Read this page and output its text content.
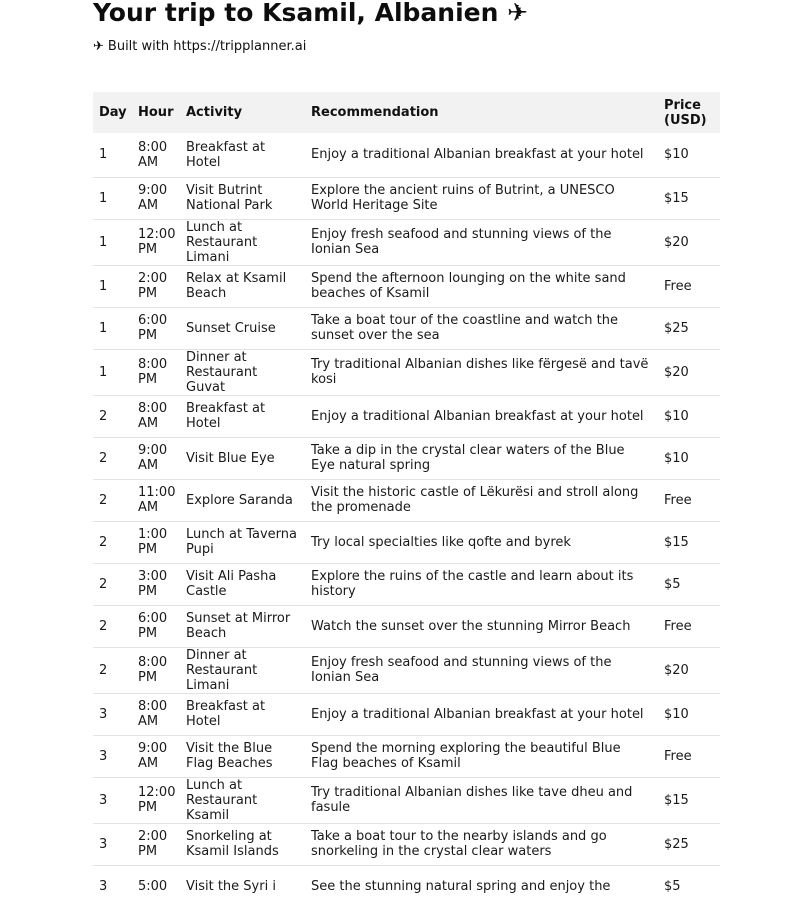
Your trip to Ksamil, Albanien ✈
✈ Built with https://tripplanner.ai
Day	Hour	Activity	Recommendation	Price (USD)
1	8:00 AM	Breakfast at Hotel	Enjoy a traditional Albanian breakfast at your hotel	$10
1	9:00 AM	Visit Butrint National Park	Explore the ancient ruins of Butrint, a UNESCO World Heritage Site	$15
1	12:00 PM	Lunch at Restaurant Limani	Enjoy fresh seafood and stunning views of the Ionian Sea	$20
1	2:00 PM	Relax at Ksamil Beach	Spend the afternoon lounging on the white sand beaches of Ksamil	Free
1	6:00 PM	Sunset Cruise	Take a boat tour of the coastline and watch the sunset over the sea	$25
1	8:00 PM	Dinner at Restaurant Guvat	Try traditional Albanian dishes like fërgesë and tavë kosi	$20
2	8:00 AM	Breakfast at Hotel	Enjoy a traditional Albanian breakfast at your hotel	$10
2	9:00 AM	Visit Blue Eye	Take a dip in the crystal clear waters of the Blue Eye natural spring	$10
2	11:00 AM	Explore Saranda	Visit the historic castle of Lëkurësi and stroll along the promenade	Free
2	1:00 PM	Lunch at Taverna Pupi	Try local specialties like qofte and byrek	$15
2	3:00 PM	Visit Ali Pasha Castle	Explore the ruins of the castle and learn about its history	$5
2	6:00 PM	Sunset at Mirror Beach	Watch the sunset over the stunning Mirror Beach	Free
2	8:00 PM	Dinner at Restaurant Limani	Enjoy fresh seafood and stunning views of the Ionian Sea	$20
3	8:00 AM	Breakfast at Hotel	Enjoy a traditional Albanian breakfast at your hotel	$10
3	9:00 AM	Visit the Blue Flag Beaches	Spend the morning exploring the beautiful Blue Flag beaches of Ksamil	Free
3	12:00 PM	Lunch at Restaurant Ksamil	Try traditional Albanian dishes like tave dheu and fasule	$15
3	2:00 PM	Snorkeling at Ksamil Islands	Take a boat tour to the nearby islands and go snorkeling in the crystal clear waters	$25
3	5:00	Visit the Syri i	See the stunning natural spring and enjoy the	$5
